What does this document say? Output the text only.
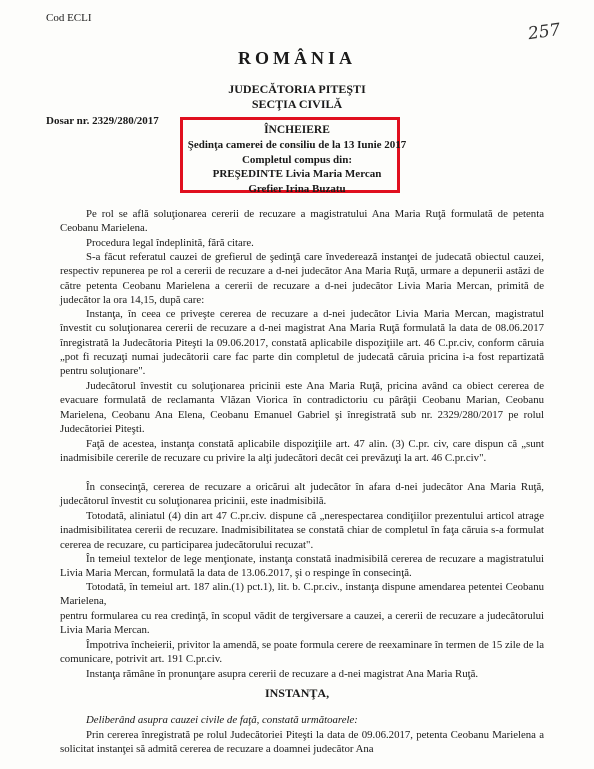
Cod ECLI
257
ROMÂNIA
JUDECĂTORIA PITEŞTI
SECŢIA CIVILĂ
Dosar nr. 2329/280/2017
ÎNCHEIERE
Şedinţa camerei de consiliu de la 13 Iunie 2017
Completul compus din:
PREŞEDINTE Livia Maria Mercan
Grefier Irina Buzatu
Pe rol se află soluţionarea cererii de recuzare a magistratului Ana Maria Ruţă formulată de petenta Ceobanu Marielena.
Procedura legal îndeplinită, fără citare.
S-a făcut referatul cauzei de grefierul de şedinţă care învederează instanţei de judecată obiectul cauzei, respectiv repunerea pe rol a cererii de recuzare a d-nei judecător Ana Maria Ruţă, urmare a depunerii astăzi de către petenta Ceobanu Marielena a cererii de recuzare a d-nei judecător Livia Maria Mercan, primită de judecător la ora 14,15, după care:
Instanţa, în ceea ce priveşte cererea de recuzare a d-nei judecător Livia Maria Mercan, magistratul învestit cu soluţionarea cererii de recuzare a d-nei magistrat Ana Maria Ruţă formulată la data de 08.06.2017 înregistrată la Judecătoria Piteşti la 09.06.2017, constată aplicabile dispoziţiile art. 46 C.pr.civ, conform căruia „pot fi recuzaţi numai judecătorii care fac parte din completul de judecată căruia pricina i-a fost repartizată pentru soluţionare".
Judecătorul învestit cu soluţionarea pricinii este Ana Maria Ruţă, pricina având ca obiect cererea de evacuare formulată de reclamanta Vlăzan Viorica în contradictoriu cu pârâţii Ceobanu Marian, Ceobanu Marielena, Ceobanu Ana Elena, Ceobanu Emanuel Gabriel şi înregistrată sub nr. 2329/280/2017 pe rolul Judecătoriei Piteşti.
Faţă de acestea, instanţa constată aplicabile dispoziţiile art. 47 alin. (3) C.pr. civ, care dispun că „sunt inadmisibile cererile de recuzare cu privire la alţi judecători decât cei prevăzuţi la art. 46 C.pr.civ".
În consecinţă, cererea de recuzare a oricărui alt judecător în afara d-nei judecător Ana Maria Ruţă, judecătorul învestit cu soluţionarea pricinii, este inadmisibilă.
Totodată, aliniatul (4) din art 47 C.pr.civ. dispune că „nerespectarea condiţiilor prezentului articol atrage inadmisibilitatea cererii de recuzare. Inadmisibilitatea se constată chiar de completul în faţa căruia s-a formulat cererea de recuzare, cu participarea judecătorului recuzat".
În temeiul textelor de lege menţionate, instanţa constată inadmisibilă cererea de recuzare a magistratului Livia Maria Mercan, formulată la data de 13.06.2017, şi o respinge în consecinţă.
Totodată, în temeiul art. 187 alin.(1) pct.1), lit. b. C.pr.civ., instanţa dispune amendarea petentei Ceobanu Marielena,
pentru formularea cu rea credinţă, în scopul vădit de tergiversare a cauzei, a cererii de recuzare a judecătorului Livia Maria Mercan.
Împotriva încheierii, privitor la amendă, se poate formula cerere de reexaminare în termen de 15 zile de la comunicare, potrivit art. 191 C.pr.civ.
Instanţa rămâne în pronunţare asupra cererii de recuzare a d-nei magistrat Ana Maria Ruţă.
INSTANŢA,
Deliberând asupra cauzei civile de faţă, constată următoarele:
Prin cererea înregistrată pe rolul Judecătoriei Piteşti la data de 09.06.2017, petenta Ceobanu Marielena a solicitat instanţei să admită cererea de recuzare a doamnei judecător Ana
